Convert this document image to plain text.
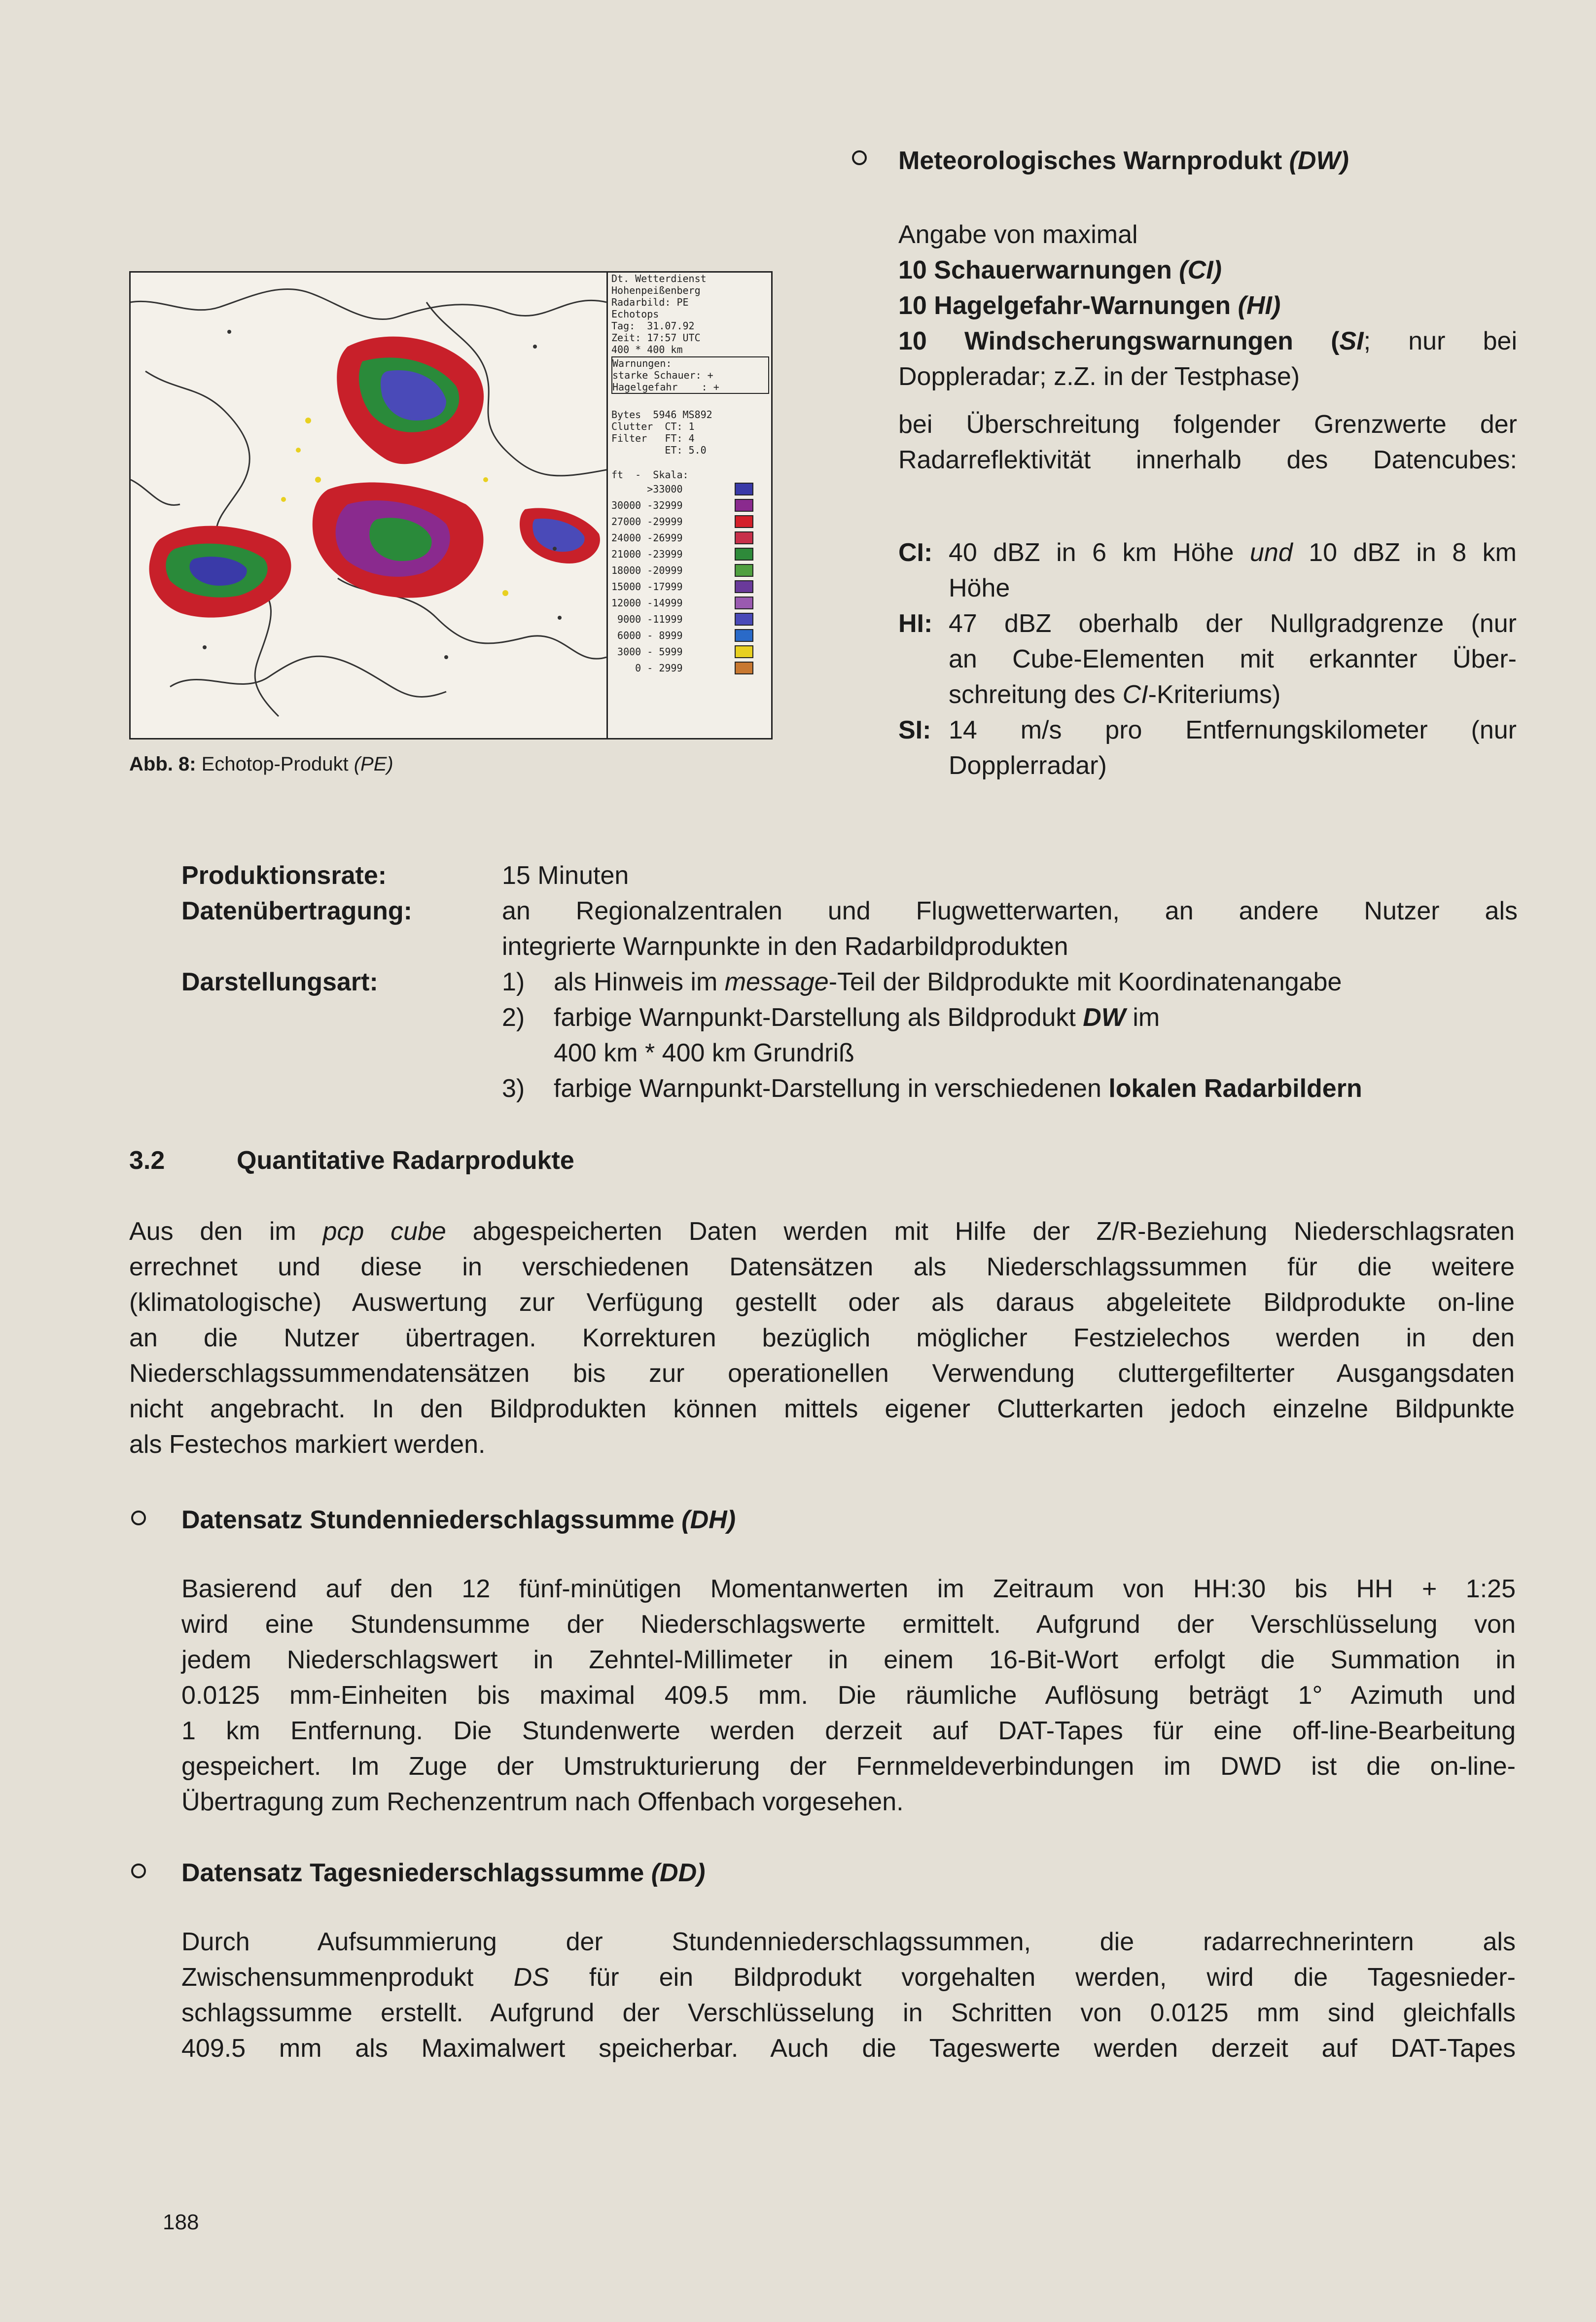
Dt. Wetterdienst
Hohenpeißenberg
Radarbild: PE
Echotops
Tag:  31.07.92
Zeit: 17:57 UTC
400 * 400 km
Warnungen:
starke Schauer: +
Hagelgefahr    : +
Bytes  5946 MS892
Clutter  CT: 1
Filter   FT: 4
ET: 5.0
ft  -  Skala:
>33000
30000 -32999
27000 -29999
24000 -26999
21000 -23999
18000 -20999
15000 -17999
12000 -14999
9000 -11999
6000 - 8999
3000 - 5999
0 - 2999
Abb. 8: Echotop-Produkt (PE)
Meteorologisches Warnprodukt (DW)
Angabe von maximal
10 Schauerwarnungen (CI)
10 Hagelgefahr-Warnungen (HI)
10 Windscherungswarnungen (SI; nur bei
Doppleradar; z.Z. in der Testphase)
bei Überschreitung folgender Grenzwerte der
Radarreflektivität innerhalb des Datencubes:
CI: 40 dBZ in 6 km Höhe und 10 dBZ in 8 km
Höhe
HI: 47 dBZ oberhalb der Nullgradgrenze (nur
an Cube-Elementen mit erkannter Über-
schreitung des CI-Kriteriums)
SI: 14 m/s pro Entfernungskilometer (nur
Dopplerradar)
Produktionsrate:	15 Minuten
Datenübertragung:	an Regionalzentralen und Flugwetterwarten, an andere Nutzer als
integrierte Warnpunkte in den Radarbildprodukten
Darstellungsart:	1) als Hinweis im message-Teil der Bildprodukte mit Koordinatenangabe
2) farbige Warnpunkt-Darstellung als Bildprodukt DW im
400 km * 400 km Grundriß
3) farbige Warnpunkt-Darstellung in verschiedenen lokalen Radarbildern
3.2	Quantitative Radarprodukte
Aus den im pcp cube abgespeicherten Daten werden mit Hilfe der Z/R-Beziehung Niederschlagsraten
errechnet und diese in verschiedenen Datensätzen als Niederschlagssummen für die weitere
(klimatologische) Auswertung zur Verfügung gestellt oder als daraus abgeleitete Bildprodukte on-line
an die Nutzer übertragen. Korrekturen bezüglich möglicher Festzielechos werden in den
Niederschlagssummendatensätzen bis zur operationellen Verwendung cluttergefilterter Ausgangsdaten
nicht angebracht. In den Bildprodukten können mittels eigener Clutterkarten jedoch einzelne Bildpunkte
als Festechos markiert werden.
Datensatz Stundenniederschlagssumme (DH)
Basierend auf den 12 fünf-minütigen Momentanwerten im Zeitraum von HH:30 bis HH + 1:25
wird eine Stundensumme der Niederschlagswerte ermittelt. Aufgrund der Verschlüsselung von
jedem Niederschlagswert in Zehntel-Millimeter in einem 16-Bit-Wort erfolgt die Summation in
0.0125 mm-Einheiten bis maximal 409.5 mm. Die räumliche Auflösung beträgt 1° Azimuth und
1 km Entfernung. Die Stundenwerte werden derzeit auf DAT-Tapes für eine off-line-Bearbeitung
gespeichert. Im Zuge der Umstrukturierung der Fernmeldeverbindungen im DWD ist die on-line-
Übertragung zum Rechenzentrum nach Offenbach vorgesehen.
Datensatz Tagesniederschlagssumme (DD)
Durch Aufsummierung der Stundenniederschlagssummen, die radarrechnerintern als
Zwischensummenprodukt DS für ein Bildprodukt vorgehalten werden, wird die Tagesnieder-
schlagssumme erstellt. Aufgrund der Verschlüsselung in Schritten von 0.0125 mm sind gleichfalls
409.5 mm als Maximalwert speicherbar. Auch die Tageswerte werden derzeit auf DAT-Tapes
188
